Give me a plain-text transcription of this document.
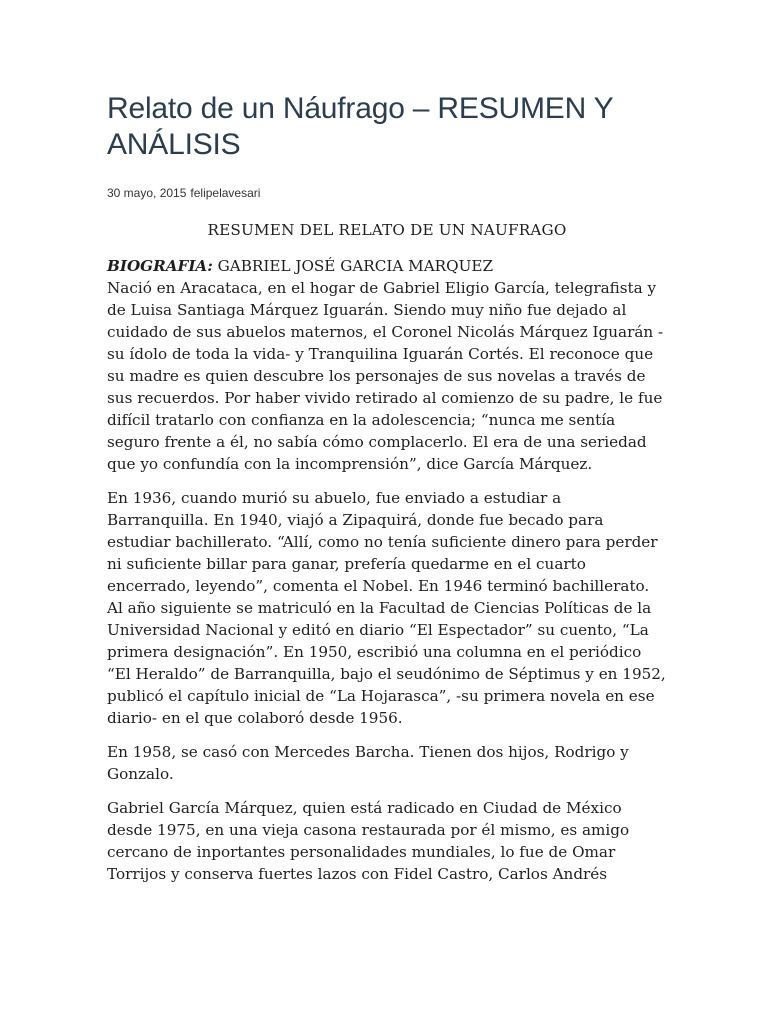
Relato de un Náufrago – RESUMEN Y ANÁLISIS
30 mayo, 2015 felipelavesari
RESUMEN DEL RELATO DE UN NAUFRAGO
BIOGRAFIA: GABRIEL JOSÉ GARCIA MARQUEZ

Nació en Aracataca, en el hogar de Gabriel Eligio García, telegrafista y de Luisa Santiaga Márquez Iguarán. Siendo muy niño fue dejado al cuidado de sus abuelos maternos, el Coronel Nicolás Márquez Iguarán -su ídolo de toda la vida- y Tranquilina Iguarán Cortés. El reconoce que su madre es quien descubre los personajes de sus novelas a través de sus recuerdos. Por haber vivido retirado al comienzo de su padre, le fue difícil tratarlo con confianza en la adolescencia; “nunca me sentía seguro frente a él, no sabía cómo complacerlo. El era de una seriedad que yo confundía con la incomprensión”, dice García Márquez.

En 1936, cuando murió su abuelo, fue enviado a estudiar a Barranquilla. En 1940, viajó a Zipaquirá, donde fue becado para estudiar bachillerato. “Allí, como no tenía suficiente dinero para perder ni suficiente billar para ganar, prefería quedarme en el cuarto encerrado, leyendo”, comenta el Nobel. En 1946 terminó bachillerato. Al año siguiente se matriculó en la Facultad de Ciencias Políticas de la Universidad Nacional y editó en diario “El Espectador” su cuento, “La primera designación”. En 1950, escribió una columna en el periódico “El Heraldo” de Barranquilla, bajo el seudónimo de Séptimus y en 1952, publicó el capítulo inicial de “La Hojarasca”, -su primera novela en ese diario- en el que colaboró desde 1956.

En 1958, se casó con Mercedes Barcha. Tienen dos hijos, Rodrigo y Gonzalo.

Gabriel García Márquez, quien está radicado en Ciudad de México desde 1975, en una vieja casona restaurada por él mismo, es amigo cercano de inportantes personalidades mundiales, lo fue de Omar Torrijos y conserva fuertes lazos con Fidel Castro, Carlos Andrés
